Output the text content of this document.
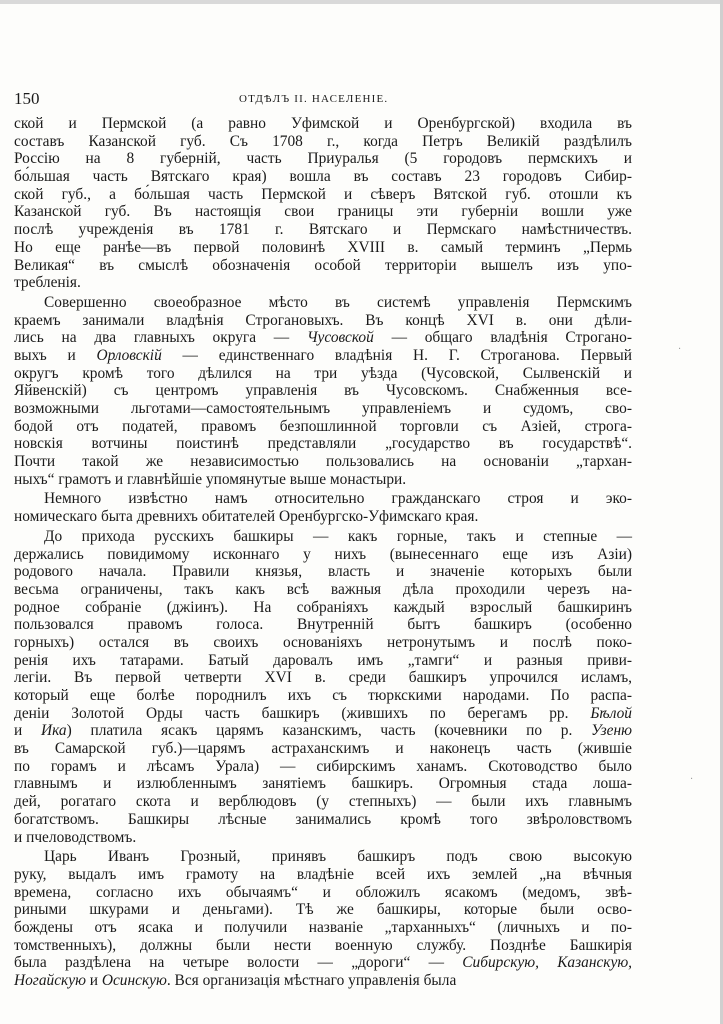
150	ОТДѢЛЪ II. НАСЕЛЕНІЕ.
ской и Пермской (а равно Уфимской и Оренбургской) входила въ
составъ Казанской губ. Съ 1708 г., когда Петръ Великій раздѣлилъ
Россію на 8 губерній, часть Приуралья (5 городовъ пермскихъ и
бо́льшая часть Вятскаго края) вошла въ составъ 23 городовъ Сибир-
ской губ., а бо́льшая часть Пермской и сѣверъ Вятской губ. отошли къ
Казанской губ. Въ настоящія свои границы эти губерніи вошли уже
послѣ учрежденія въ 1781 г. Вятскаго и Пермскаго намѣстничествъ.
Но еще ранѣе—въ первой половинѣ XVIII в. самый терминъ „Пермь
Великая“ въ смыслѣ обозначенія особой территоріи вышелъ изъ упо-
требленія.
Совершенно своеобразное мѣсто въ системѣ управленія Пермскимъ
краемъ занимали владѣнія Строгановыхъ. Въ концѣ XVI в. они дѣли-
лись на два главныхъ округа — Чусовской — общаго владѣнія Строгано-
выхъ и Орловскій — единственнаго владѣнія Н. Г. Строганова. Первый
округъ кромѣ того дѣлился на три уѣзда (Чусовской, Сылвенскій и
Яйвенскій) съ центромъ управленія въ Чусовскомъ. Снабженныя все-
возможными льготами—самостоятельнымъ управленіемъ и судомъ, сво-
бодой отъ податей, правомъ безпошлинной торговли съ Азіей, строга-
новскія вотчины поистинѣ представляли „государство въ государствѣ“.
Почти такой же независимостью пользовались на основаніи „тархан-
ныхъ“ грамотъ и главнѣйшіе упомянутые выше монастыри.
Немного извѣстно намъ относительно гражданскаго строя и эко-
номическаго быта древнихъ обитателей Оренбургско-Уфимскаго края.
До прихода русскихъ башкиры — какъ горные, такъ и степные —
держались повидимому исконнаго у нихъ (вынесеннаго еще изъ Азіи)
родового начала. Правили князья, власть и значеніе которыхъ были
весьма ограничены, такъ какъ всѣ важныя дѣла проходили черезъ на-
родное собраніе (джіинъ). На собраніяхъ каждый взрослый башкиринъ
пользовался правомъ голоса. Внутренній бытъ башкиръ (особенно
горныхъ) остался въ своихъ основаніяхъ нетронутымъ и послѣ поко-
ренія ихъ татарами. Батый даровалъ имъ „тамги“ и разныя приви-
легіи. Въ первой четверти XVI в. среди башкиръ упрочился исламъ,
который еще болѣе породнилъ ихъ съ тюркскими народами. По распа-
деніи Золотой Орды часть башкиръ (жившихъ по берегамъ рр. Бѣлой
и Ика) платила ясакъ царямъ казанскимъ, часть (кочевники по р. Узеню
въ Самарской губ.)—царямъ астраханскимъ и наконецъ часть (жившіе
по горамъ и лѣсамъ Урала) — сибирскимъ ханамъ. Скотоводство было
главнымъ и излюбленнымъ занятіемъ башкиръ. Огромныя стада лошa-
дей, рогатаго скота и верблюдовъ (у степныхъ) — были ихъ главнымъ
богатствомъ. Башкиры лѣсные занимались кромѣ того звѣроловствомъ
и пчеловодствомъ.
Царь Иванъ Грозный, принявъ башкиръ подъ свою высокую
руку, выдалъ имъ грамоту на владѣніе всей ихъ землей „на вѣчныя
времена, согласно ихъ обычаямъ“ и обложилъ ясакомъ (медомъ, звѣ-
риными шкурами и деньгами). Тѣ же башкиры, которые были осво-
бождены отъ ясака и получили названіе „тарханныхъ“ (личныхъ и по-
томственныхъ), должны были нести военную службу. Позднѣе Башкирія
была раздѣлена на четыре волости — „дороги“ — Сибирскую, Казанскую,
Ногайскую и Осинскую. Вся организація мѣстнаго управленія была
·
·
